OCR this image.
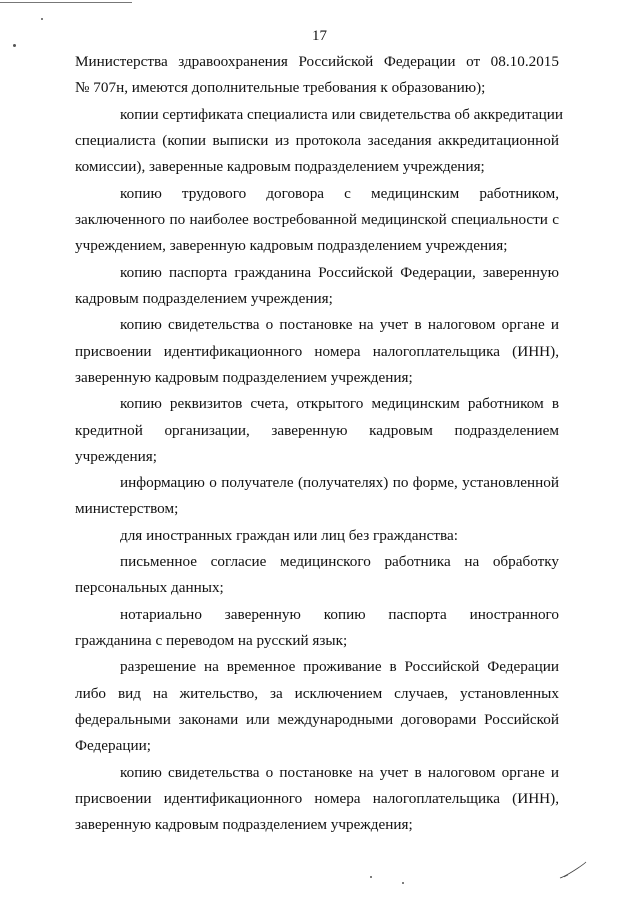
17
Министерства здравоохранения Российской Федерации от 08.10.2015
№ 707н, имеются дополнительные требования к образованию);
копии сертификата специалиста или свидетельства об аккредитации
специалиста (копии выписки из протокола заседания аккредитационной
комиссии), заверенные кадровым подразделением учреждения;
копию трудового договора с медицинским работником,
заключенного по наиболее востребованной медицинской специальности с
учреждением, заверенную кадровым подразделением учреждения;
копию паспорта гражданина Российской Федерации, заверенную
кадровым подразделением учреждения;
копию свидетельства о постановке на учет в налоговом органе и
присвоении идентификационного номера налогоплательщика (ИНН),
заверенную кадровым подразделением учреждения;
копию реквизитов счета, открытого медицинским работником в
кредитной организации, заверенную кадровым подразделением
учреждения;
информацию о получателе (получателях) по форме, установленной
министерством;
для иностранных граждан или лиц без гражданства:
письменное согласие медицинского работника на обработку
персональных данных;
нотариально заверенную копию паспорта иностранного
гражданина с переводом на русский язык;
разрешение на временное проживание в Российской Федерации
либо вид на жительство, за исключением случаев, установленных
федеральными законами или международными договорами Российской
Федерации;
копию свидетельства о постановке на учет в налоговом органе и
присвоении идентификационного номера налогоплательщика (ИНН),
заверенную кадровым подразделением учреждения;
